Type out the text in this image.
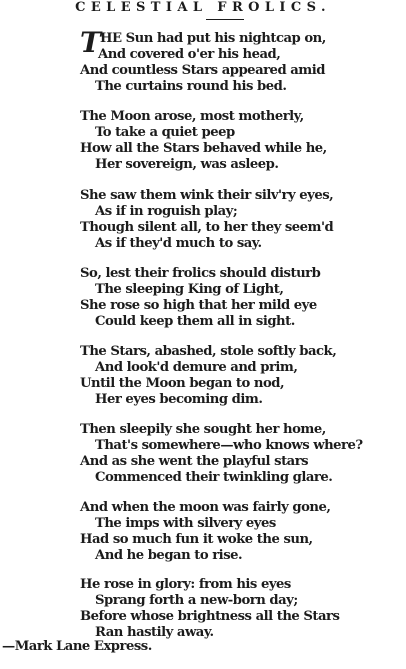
CELESTIAL FROLICS.
T HE Sun had put his nightcap on,
And covered o'er his head,
And countless Stars appeared amid
The curtains round his bed.
The Moon arose, most motherly,
To take a quiet peep
How all the Stars behaved while he,
Her sovereign, was asleep.
She saw them wink their silv'ry eyes,
As if in roguish play;
Though silent all, to her they seem'd
As if they'd much to say.
So, lest their frolics should disturb
The sleeping King of Light,
She rose so high that her mild eye
Could keep them all in sight.
The Stars, abashed, stole softly back,
And look'd demure and prim,
Until the Moon began to nod,
Her eyes becoming dim.
Then sleepily she sought her home,
That's somewhere—who knows where?
And as she went the playful stars
Commenced their twinkling glare.
And when the moon was fairly gone,
The imps with silvery eyes
Had so much fun it woke the sun,
And he began to rise.
He rose in glory: from his eyes
Sprang forth a new-born day;
Before whose brightness all the Stars
Ran hastily away.
—Mark Lane Express.
